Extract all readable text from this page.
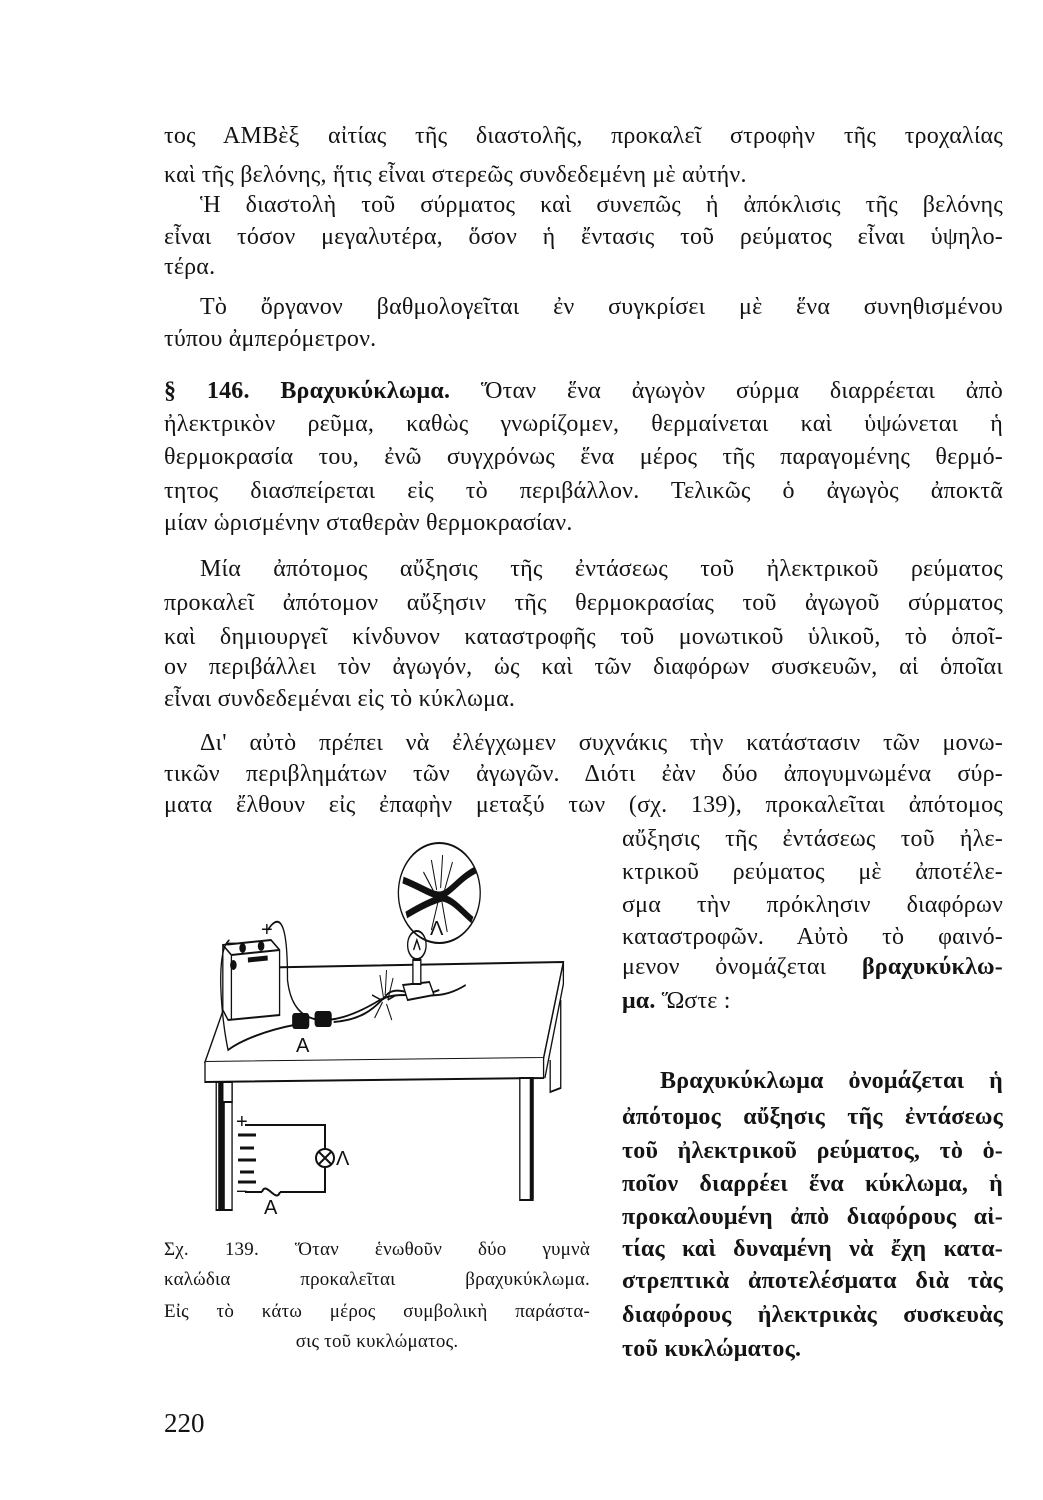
τος ΑΜΒὲξ αἰτίας τῆς διαστολῆς, προκαλεῖ στροφὴν τῆς τροχαλίας
καὶ τῆς βελόνης, ἥτις εἶναι στερεῶς συνδεδεμένη μὲ αὐτήν.
Ἡ διαστολὴ τοῦ σύρματος καὶ συνεπῶς ἡ ἀπόκλισις τῆς βελόνης
εἶναι τόσον μεγαλυτέρα, ὅσον ἡ ἔντασις τοῦ ρεύματος εἶναι ὑψηλο-
τέρα.
Τὸ ὄργανον βαθμολογεῖται ἐν συγκρίσει μὲ ἕνα συνηθισμένου
τύπου ἀμπερόμετρον.
§ 146. Βραχυκύκλωμα. Ὅταν ἕνα ἀγωγὸν σύρμα διαρρέεται ἀπὸ
ἠλεκτρικὸν ρεῦμα, καθὼς γνωρίζομεν, θερμαίνεται καὶ ὑψώνεται ἡ
θερμοκρασία του, ἐνῶ συγχρόνως ἕνα μέρος τῆς παραγομένης θερμό-
τητος διασπείρεται εἰς τὸ περιβάλλον. Τελικῶς ὁ ἀγωγὸς ἀποκτᾶ
μίαν ὡρισμένην σταθερὰν θερμοκρασίαν.
Μία ἀπότομος αὔξησις τῆς ἐντάσεως τοῦ ἠλεκτρικοῦ ρεύματος
προκαλεῖ ἀπότομον αὔξησιν τῆς θερμοκρασίας τοῦ ἀγωγοῦ σύρματος
καὶ δημιουργεῖ κίνδυνον καταστροφῆς τοῦ μονωτικοῦ ὑλικοῦ, τὸ ὁποῖ-
ον περιβάλλει τὸν ἀγωγόν, ὡς καὶ τῶν διαφόρων συσκευῶν, αἱ ὁποῖαι
εἶναι συνδεδεμέναι εἰς τὸ κύκλωμα.
Δι' αὐτὸ πρέπει νὰ ἐλέγχωμεν συχνάκις τὴν κατάστασιν τῶν μονω-
τικῶν περιβλημάτων τῶν ἀγωγῶν. Διότι ἐὰν δύο ἀπογυμνωμένα σύρ-
ματα ἔλθουν εἰς ἐπαφὴν μεταξύ των (σχ. 139), προκαλεῖται ἀπότομος
αὔξησις τῆς ἐντάσεως τοῦ ἠλε-
κτρικοῦ ρεύματος μὲ ἀποτέλε-
σμα τὴν πρόκλησιν διαφόρων
καταστροφῶν. Αὐτὸ τὸ φαινό-
μενον ὀνομάζεται βραχυκύκλω-
μα. Ὥστε :
Βραχυκύκλωμα ὀνομάζεται ἡ
ἀπότομος αὔξησις τῆς ἐντάσεως
τοῦ ἠλεκτρικοῦ ρεύματος, τὸ ὁ-
ποῖον διαρρέει ἕνα κύκλωμα, ἡ
προκαλουμένη ἀπὸ διαφόρους αἰ-
τίας καὶ δυναμένη νὰ ἔχη κατα-
στρεπτικὰ ἀποτελέσματα διὰ τὰς
διαφόρους ἠλεκτρικὰς συσκευὰς
τοῦ κυκλώματος.
Σχ. 139. Ὅταν ἑνωθοῦν δύο γυμνὰ
καλώδια προκαλεῖται βραχυκύκλωμα.
Εἰς τὸ κάτω μέρος συμβολικὴ παράστα-
σις τοῦ κυκλώματος.
+
−
Α
Λ
+
−
Λ
Α
220
